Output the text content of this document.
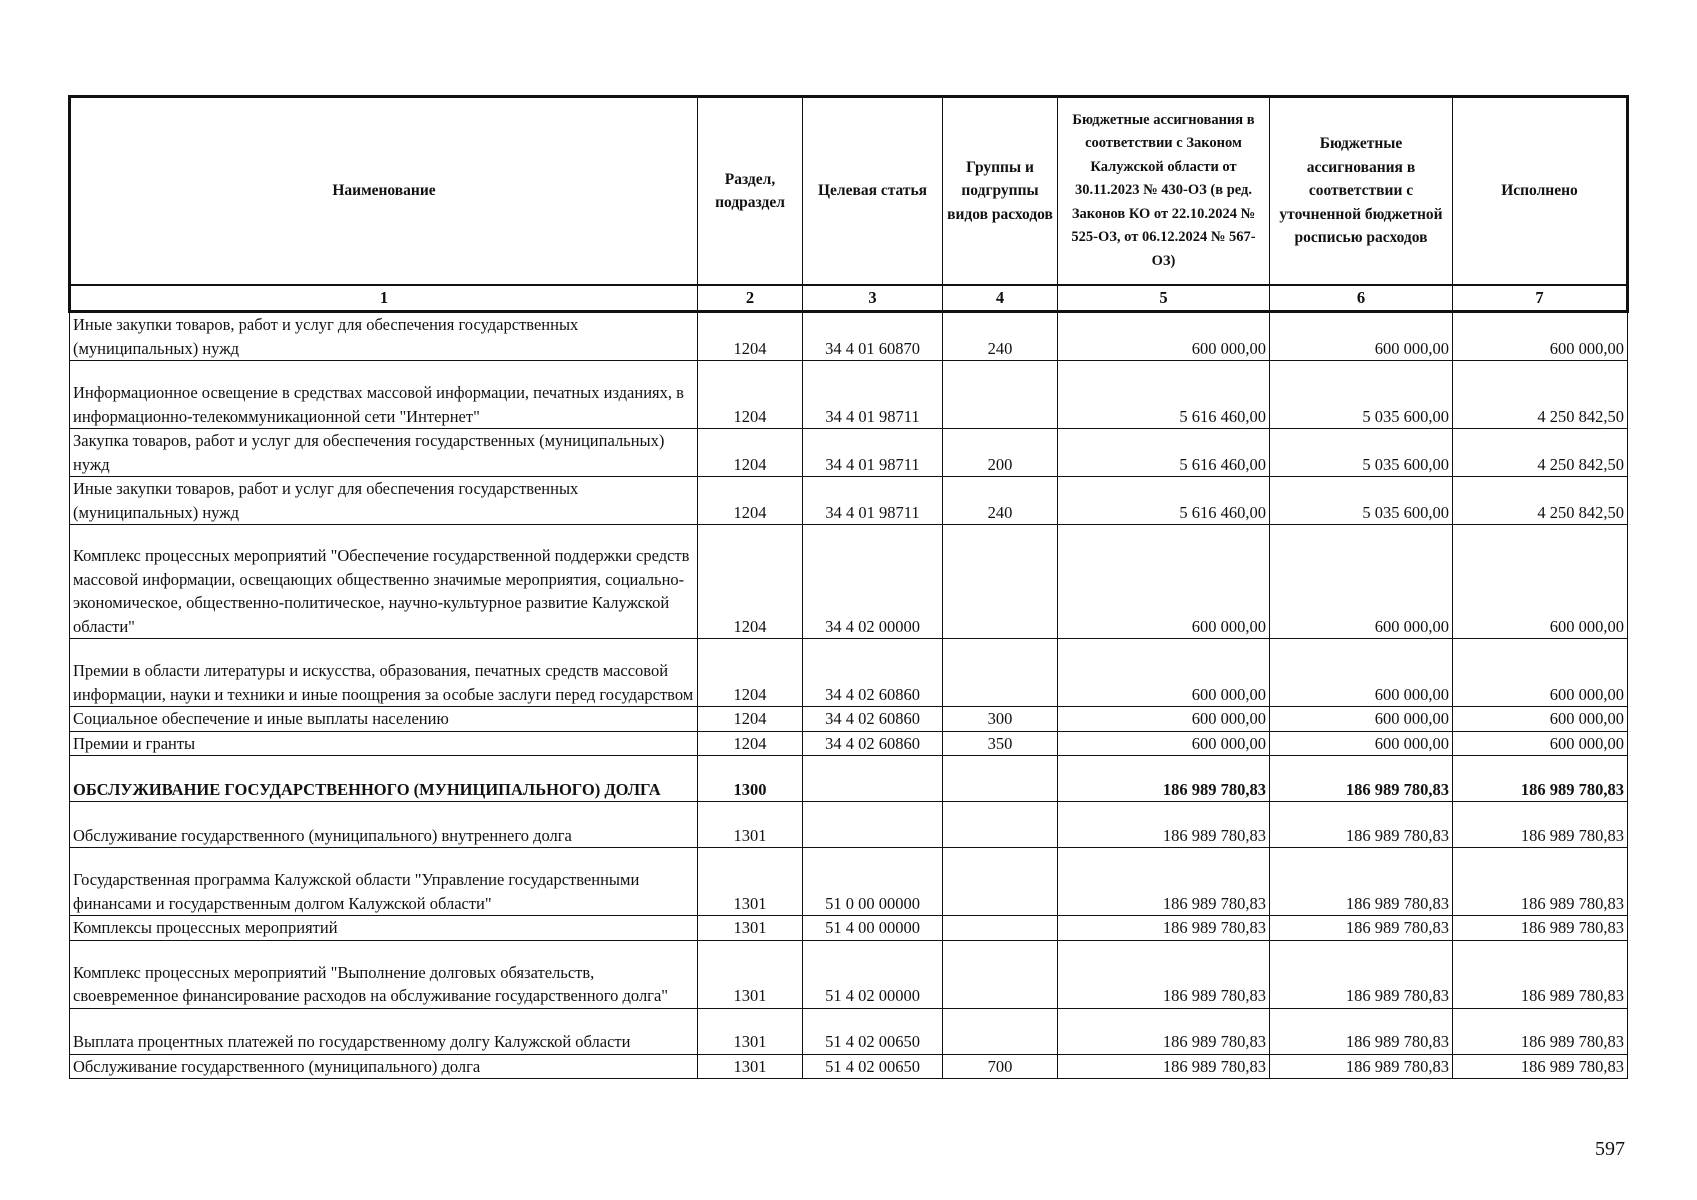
Наименование	Раздел, подраздел	Целевая статья	Группы и подгруппы видов расходов	Бюджетные ассигнования в соответствии с Законом Калужской области от 30.11.2023 № 430-ОЗ (в ред. Законов КО от 22.10.2024 № 525-ОЗ, от 06.12.2024 № 567-ОЗ)	Бюджетные ассигнования в соответствии с уточненной бюджетной росписью расходов	Исполнено
1	2	3	4	5	6	7
Иные закупки товаров, работ и услуг для обеспечения государственных (муниципальных) нужд	1204	34 4 01 60870	240	600 000,00	600 000,00	600 000,00
Информационное освещение в средствах массовой информации, печатных изданиях, в информационно-телекоммуникационной сети "Интернет"	1204	34 4 01 98711		5 616 460,00	5 035 600,00	4 250 842,50
Закупка товаров, работ и услуг для обеспечения государственных (муниципальных) нужд	1204	34 4 01 98711	200	5 616 460,00	5 035 600,00	4 250 842,50
Иные закупки товаров, работ и услуг для обеспечения государственных (муниципальных) нужд	1204	34 4 01 98711	240	5 616 460,00	5 035 600,00	4 250 842,50
Комплекс процессных мероприятий "Обеспечение государственной поддержки средств массовой информации, освещающих общественно значимые мероприятия, социально-экономическое, общественно-политическое, научно-культурное развитие Калужской области"	1204	34 4 02 00000		600 000,00	600 000,00	600 000,00
Премии в области литературы и искусства, образования, печатных средств массовой информации, науки и техники и иные поощрения за особые заслуги перед государством	1204	34 4 02 60860		600 000,00	600 000,00	600 000,00
Социальное обеспечение и иные выплаты населению	1204	34 4 02 60860	300	600 000,00	600 000,00	600 000,00
Премии и гранты	1204	34 4 02 60860	350	600 000,00	600 000,00	600 000,00
ОБСЛУЖИВАНИЕ ГОСУДАРСТВЕННОГО (МУНИЦИПАЛЬНОГО) ДОЛГА	1300			186 989 780,83	186 989 780,83	186 989 780,83
Обслуживание государственного (муниципального) внутреннего долга	1301			186 989 780,83	186 989 780,83	186 989 780,83
Государственная программа Калужской области "Управление государственными финансами и государственным долгом Калужской области"	1301	51 0 00 00000		186 989 780,83	186 989 780,83	186 989 780,83
Комплексы процессных мероприятий	1301	51 4 00 00000		186 989 780,83	186 989 780,83	186 989 780,83
Комплекс процессных мероприятий "Выполнение долговых обязательств, своевременное финансирование расходов на обслуживание государственного долга"	1301	51 4 02 00000		186 989 780,83	186 989 780,83	186 989 780,83
Выплата процентных платежей по государственному долгу Калужской области	1301	51 4 02 00650		186 989 780,83	186 989 780,83	186 989 780,83
Обслуживание государственного (муниципального) долга	1301	51 4 02 00650	700	186 989 780,83	186 989 780,83	186 989 780,83
597
